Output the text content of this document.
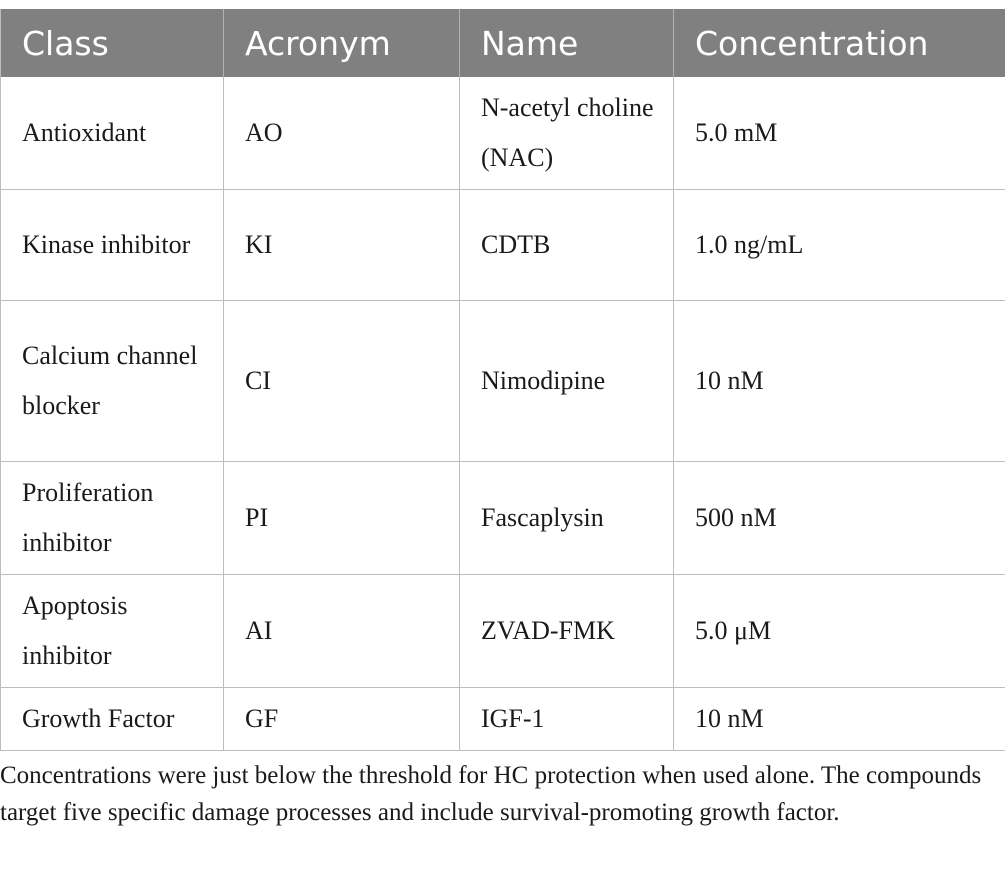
Class	Acronym	Name	Concentration
Antioxidant	AO	N-acetyl choline (NAC)	5.0 mM
Kinase inhibitor	KI	CDTB	1.0 ng/mL
Calcium channel blocker	CI	Nimodipine	10 nM
Proliferation inhibitor	PI	Fascaplysin	500 nM
Apoptosis inhibitor	AI	ZVAD-FMK	5.0 μM
Growth Factor	GF	IGF-1	10 nM
Concentrations were just below the threshold for HC protection when used alone. The compounds target five specific damage processes and include survival-promoting growth factor.
